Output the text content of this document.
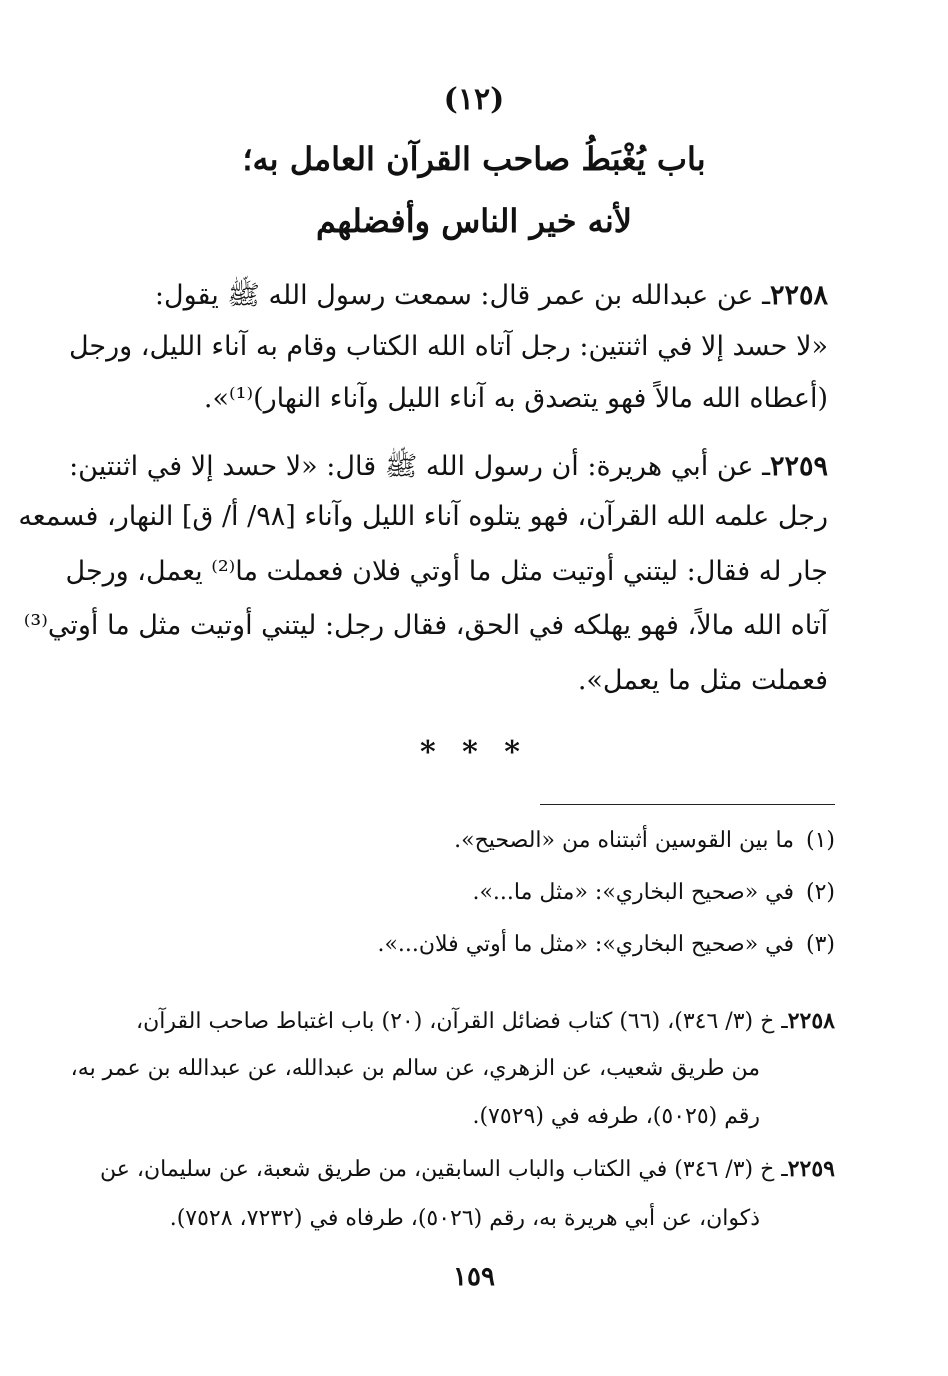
(١٢)
باب يُغْبَطُ صاحب القرآن العامل به؛
لأنه خير الناس وأفضلهم
٢٢٥٨ـ عن عبدالله بن عمر قال: سمعت رسول الله ﷺ يقول:
«لا حسد إلا في اثنتين: رجل آتاه الله الكتاب وقام به آناء الليل، ورجل
(أعطاه الله مالاً فهو يتصدق به آناء الليل وآناء النهار)⁽¹⁾».
٢٢٥٩ـ عن أبي هريرة: أن رسول الله ﷺ قال: «لا حسد إلا في اثنتين:
رجل علمه الله القرآن، فهو يتلوه آناء الليل وآناء [٩٨/ أ/ ق] النهار، فسمعه
جار له فقال: ليتني أوتيت مثل ما أوتي فلان فعملت ما⁽²⁾ يعمل، ورجل
آتاه الله مالاً، فهو يهلكه في الحق، فقال رجل: ليتني أوتيت مثل ما أوتي⁽³⁾
فعملت مثل ما يعمل».
* * *
(١) ما بين القوسين أثبتناه من «الصحيح».
(٢) في «صحيح البخاري»: «مثل ما...».
(٣) في «صحيح البخاري»: «مثل ما أوتي فلان...».
٢٢٥٨ـ خ (٣/ ٣٤٦)، (٦٦) كتاب فضائل القرآن، (٢٠) باب اغتباط صاحب القرآن،
من طريق شعيب، عن الزهري، عن سالم بن عبدالله، عن عبدالله بن عمر به،
رقم (٥٠٢٥)، طرفه في (٧٥٢٩).
٢٢٥٩ـ خ (٣/ ٣٤٦) في الكتاب والباب السابقين، من طريق شعبة، عن سليمان، عن
ذكوان، عن أبي هريرة به، رقم (٥٠٢٦)، طرفاه في (٧٢٣٢، ٧٥٢٨).
١٥٩
